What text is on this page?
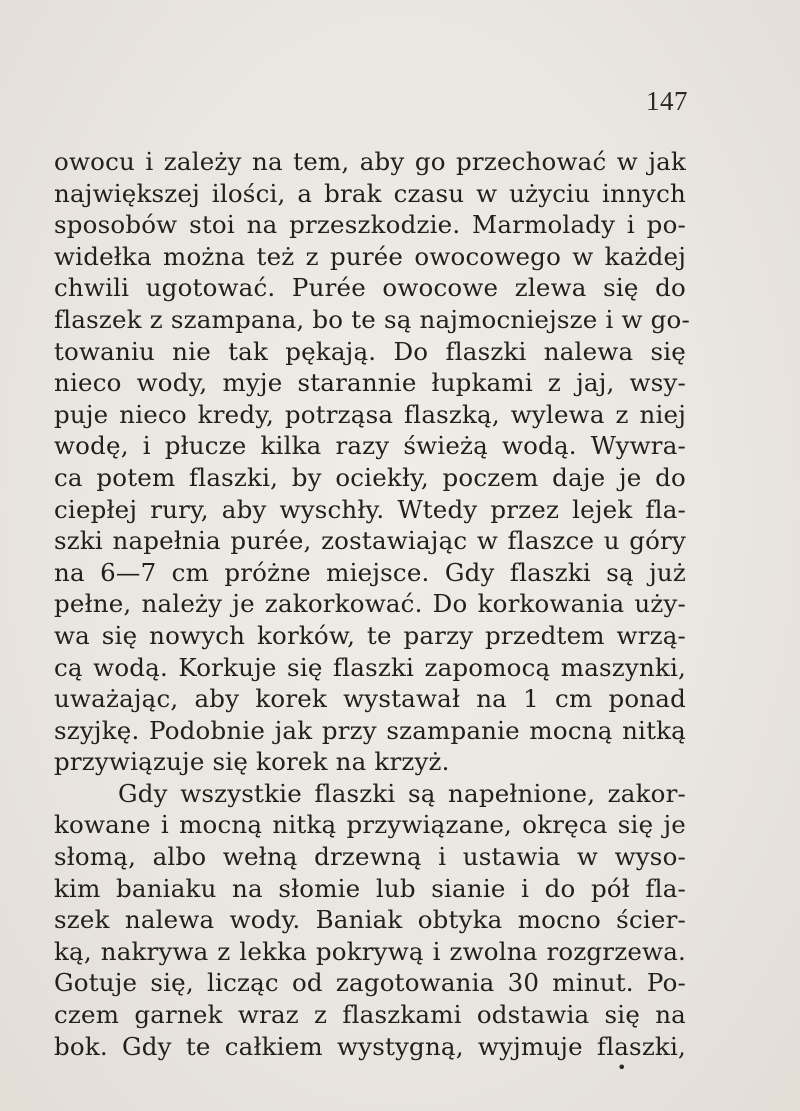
147
owocu i zależy na tem, aby go przechować w jak
największej ilości, a brak czasu w użyciu innych
sposobów stoi na przeszkodzie. Marmolady i po-
widełka można też z purée owocowego w każdej
chwili ugotować. Purée owocowe zlewa się do
flaszek z szampana, bo te są najmocniejsze i w go-
towaniu nie tak pękają. Do flaszki nalewa się
nieco wody, myje starannie łupkami z jaj, wsy-
puje nieco kredy, potrząsa flaszką, wylewa z niej
wodę, i płucze kilka razy świeżą wodą. Wywra-
ca potem flaszki, by ociekły, poczem daje je do
ciepłej rury, aby wyschły. Wtedy przez lejek fla-
szki napełnia purée, zostawiając w flaszce u góry
na 6—7 cm próżne miejsce. Gdy flaszki są już
pełne, należy je zakorkować. Do korkowania uży-
wa się nowych korków, te parzy przedtem wrzą-
cą wodą. Korkuje się flaszki zapomocą maszynki,
uważając, aby korek wystawał na 1 cm ponad
szyjkę. Podobnie jak przy szampanie mocną nitką
przywiązuje się korek na krzyż.
Gdy wszystkie flaszki są napełnione, zakor-
kowane i mocną nitką przywiązane, okręca się je
słomą, albo wełną drzewną i ustawia w wyso-
kim baniaku na słomie lub sianie i do pół fla-
szek nalewa wody. Baniak obtyka mocno ścier-
ką, nakrywa z lekka pokrywą i zwolna rozgrzewa.
Gotuje się, licząc od zagotowania 30 minut. Po-
czem garnek wraz z flaszkami odstawia się na
bok. Gdy te całkiem wystygną, wyjmuje flaszki,
•
